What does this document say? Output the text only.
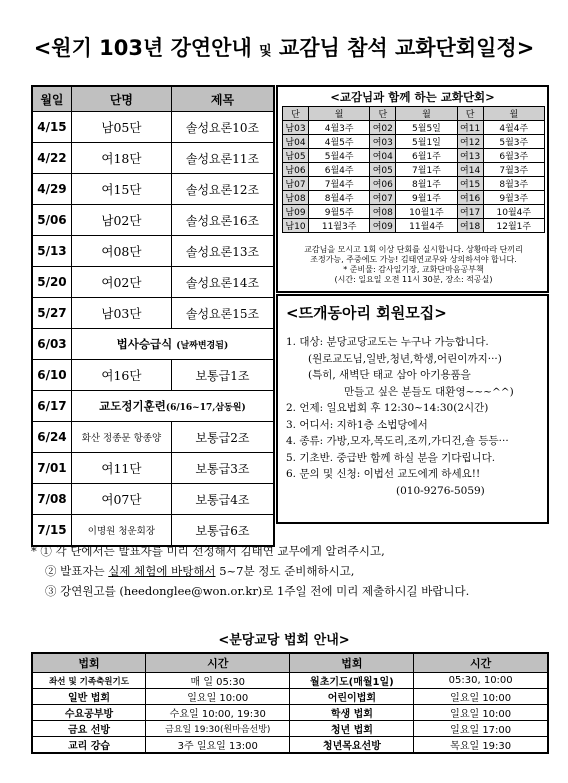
<원기 103년 강연안내 및 교감님 참석 교화단회일정>
월일	단명	제목
4/15	남05단	솔성요론10조
4/22	여18단	솔성요론11조
4/29	여15단	솔성요론12조
5/06	남02단	솔성요론16조
5/13	여08단	솔성요론13조
5/20	여02단	솔성요론14조
5/27	남03단	솔성요론15조
6/03	법사승급식 (날짜변경됨)	
6/10	여16단	보통급1조
6/17	교도정기훈련(6/16~17,삼동원)	
6/24	화산 정종문 항종양	보통급2조
7/01	여11단	보통급3조
7/08	여07단	보통급4조
7/15	이명원 청운회장	보통급6조
<교감님과 함께 하는 교화단회>
단	월	단	월	단	월
남03	4월3주	여02	5월5일	여11	4월4주
남04	4월5주	여03	5월1일	여12	5월3주
남05	5월4주	여04	6월1주	여13	6월3주
남06	6월4주	여05	7월1주	여14	7월3주
남07	7월4주	여06	8월1주	여15	8월3주
남08	8월4주	여07	9월1주	여16	9월3주
남09	9월5주	여08	10월1주	여17	10월4주
남10	11월3주	여09	11월4주	여18	12월1주
교감님을 모시고 1회 이상 단회를 실시합니다. 상황따라 단끼리
조정가능, 주중에도 가능! 김태연교무와 상의하셔야 합니다.
* 준비물: 감사일기장, 교화단마음공부책
(시간: 일요일 오전 11시 30분, 장소: 적공실)
<뜨개동아리 회원모집>
1. 대상: 분당교당교도는 누구나 가능합니다.
(원로교도님,일반,청년,학생,어린이까지···)
(특히, 새벽단 태교 삼아 아기용품을
만들고 싶은 분들도 대환영~~~^^)
2. 언제: 일요법회 후 12:30~14:30(2시간)
3. 어디서: 지하1층 소법당에서
4. 종류: 가방,모자,목도리,조끼,가디건,숄 등등···
5. 기초반. 중급반 함께 하실 분을 기다립니다.
6. 문의 및 신청: 이법선 교도에게 하세요!!
(010-9276-5059)
* ① 각 단에서는 발표자를 미리 선정해서 김태연 교무에게 알려주시고,
② 발표자는 실제 체험에 바탕해서 5~7분 정도 준비해하시고,
③ 강연원고를 (heedonglee@won.or.kr)로 1주일 전에 미리 제출하시길 바랍니다.
<분당교당 법회 안내>
법회	시간	법회	시간
좌선 및 기족축원기도	매 일 05:30	월초기도(매월1일)	05:30, 10:00
일반 법회	일요일 10:00	어린이법회	일요일 10:00
수요공부방	수요일 10:00, 19:30	학생 법회	일요일 10:00
금요 선방	금요일 19:30(원마음선방)	청년 법회	일요일 17:00
교리 강습	3주 일요일 13:00	청년목요선방	목요일 19:30
